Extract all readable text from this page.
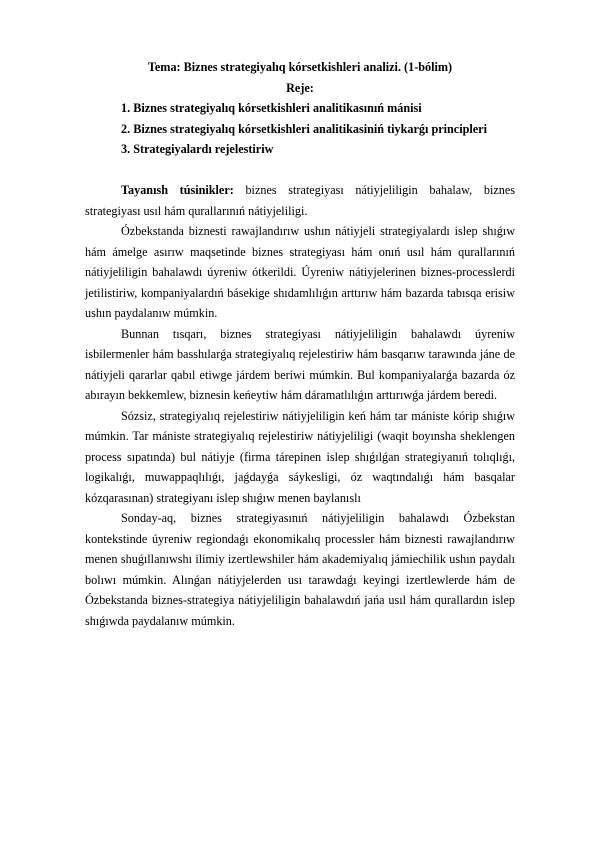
Tema: Biznes strategiyalıq kórsetkishleri analizi. (1-bólim)
Reje:
1. Biznes strategiyalıq kórsetkishleri analitikasınıń mánisi
2. Biznes strategiyalıq kórsetkishleri analitikasiniń tiykarǵı principleri
3. Strategiyalardı rejelestiriw

Tayanısh túsinikler: biznes strategiyası nátiyjeliligin bahalaw, biznes strategiyası usıl hám qurallarınıń nátiyjeliligi.

Ózbekstanda biznesti rawajlandırıw ushın nátiyjeli strategiyalardı islep shıǵıw hám ámelge asırıw maqsetinde biznes strategiyası hám onıń usıl hám qurallarınıń nátiyjeliligin bahalawdı úyreniw ótkerildi. Úyreniw nátiyjelerinen biznes-processlerdi jetilistiriw, kompaniyalardıń básekige shıdamlılıǵın arttırıw hám bazarda tabısqa erisiw ushın paydalanıw múmkin.

Bunnan tısqarı, biznes strategiyası nátiyjeliligin bahalawdı úyreniw isbilermenler hám basshılarǵa strategiyalıq rejelestiriw hám basqarıw tarawında jáne de nátiyjeli qararlar qabıl etiwge járdem beriwi múmkin. Bul kompaniyalarǵa bazarda óz abırayın bekkemlew, biznesin keńeytiw hám dáramatlılıǵın arttırıwǵa járdem beredi.

Sózsiz, strategiyalıq rejelestiriw nátiyjeliligin keń hám tar mániste kórip shıǵıw múmkin. Tar mániste strategiyalıq rejelestiriw nátiyjeliligi (waqit boyınsha sheklengen process sıpatında) bul nátiyje (firma tárepinen islep shıǵılǵan strategiyanıń tolıqlıǵı, logikalıǵı, muwappaqlılıǵı, jaǵdayǵa sáykesligi, óz waqtındalıǵı hám basqalar kózqarasınan) strategiyanı islep shıǵıw menen baylanıslı

Sonday-aq, biznes strategiyasınıń nátiyjeliligin bahalawdı Ózbekstan kontekstinde úyreniw regiondaǵı ekonomikalıq processler hám biznesti rawajlandırıw menen shuǵıllanıwshı ilimiy izertlewshiler hám akademiyalıq jámiechilik ushın paydalı bolıwı múmkin. Alınǵan nátiyjelerden usı tarawdaǵı keyingi izertlewlerde hám de Ózbekstanda biznes-strategiya nátiyjeliligin bahalawdıń jańa usıl hám qurallardın islep shıǵıwda paydalanıw múmkin.
